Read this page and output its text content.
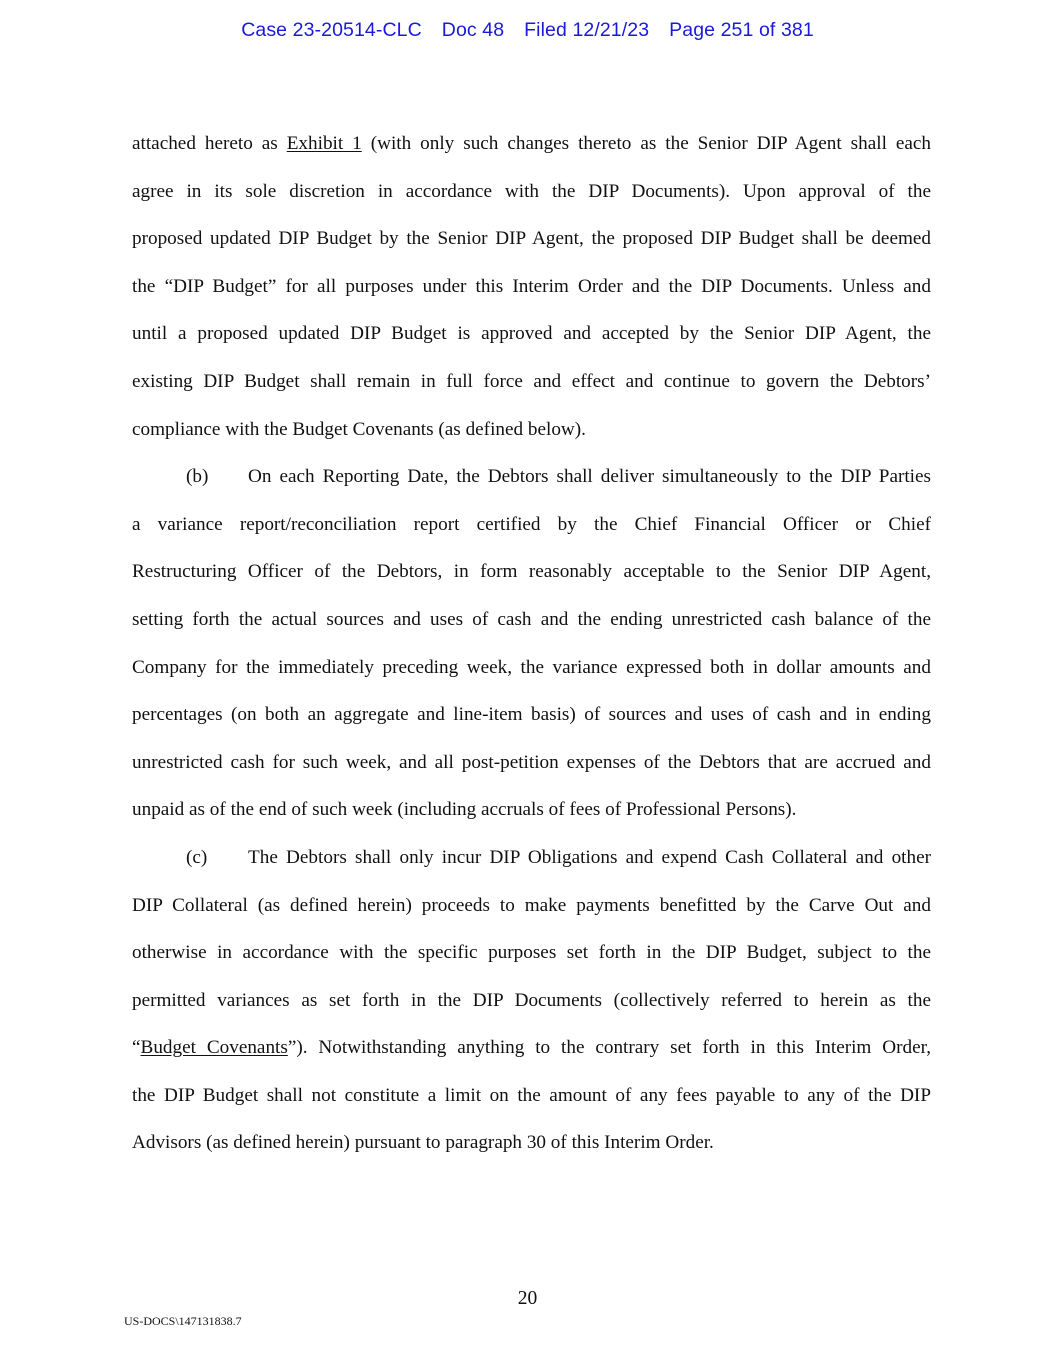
Case 23-20514-CLC Doc 48 Filed 12/21/23 Page 251 of 381
attached hereto as Exhibit 1 (with only such changes thereto as the Senior DIP Agent shall each
agree in its sole discretion in accordance with the DIP Documents). Upon approval of the
proposed updated DIP Budget by the Senior DIP Agent, the proposed DIP Budget shall be deemed
the “DIP Budget” for all purposes under this Interim Order and the DIP Documents. Unless and
until a proposed updated DIP Budget is approved and accepted by the Senior DIP Agent, the
existing DIP Budget shall remain in full force and effect and continue to govern the Debtors’
compliance with the Budget Covenants (as defined below).
(b) On each Reporting Date, the Debtors shall deliver simultaneously to the DIP Parties
a variance report/reconciliation report certified by the Chief Financial Officer or Chief
Restructuring Officer of the Debtors, in form reasonably acceptable to the Senior DIP Agent,
setting forth the actual sources and uses of cash and the ending unrestricted cash balance of the
Company for the immediately preceding week, the variance expressed both in dollar amounts and
percentages (on both an aggregate and line-item basis) of sources and uses of cash and in ending
unrestricted cash for such week, and all post-petition expenses of the Debtors that are accrued and
unpaid as of the end of such week (including accruals of fees of Professional Persons).
(c) The Debtors shall only incur DIP Obligations and expend Cash Collateral and other
DIP Collateral (as defined herein) proceeds to make payments benefitted by the Carve Out and
otherwise in accordance with the specific purposes set forth in the DIP Budget, subject to the
permitted variances as set forth in the DIP Documents (collectively referred to herein as the
“Budget Covenants”). Notwithstanding anything to the contrary set forth in this Interim Order,
the DIP Budget shall not constitute a limit on the amount of any fees payable to any of the DIP
Advisors (as defined herein) pursuant to paragraph 30 of this Interim Order.
20
US-DOCS\147131838.7
